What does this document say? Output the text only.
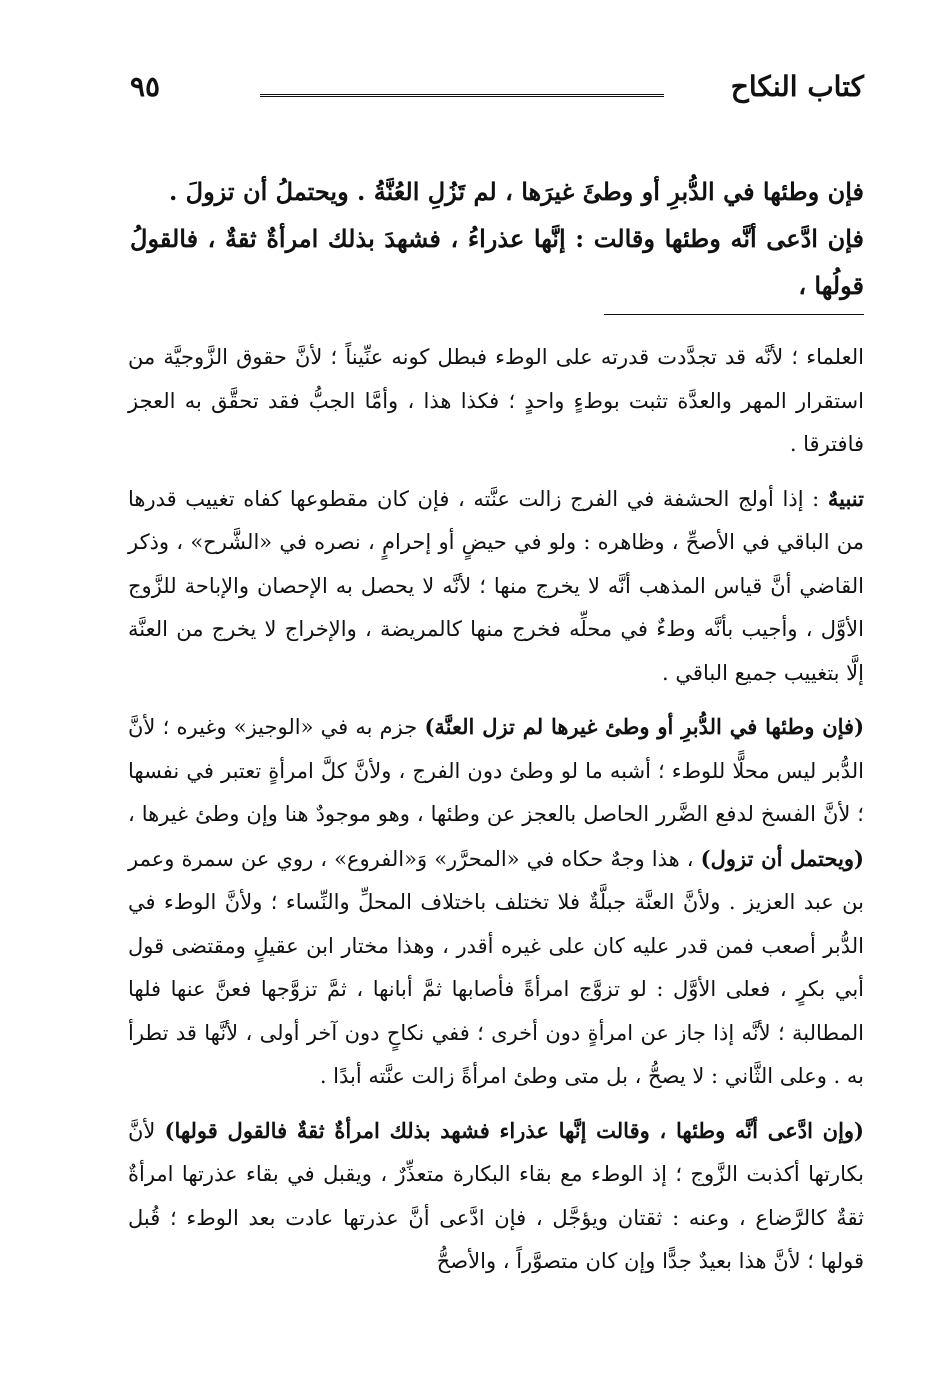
كتاب النكاح
٩٥
فإن وطئها في الدُّبرِ أو وطئَ غيرَها ، لم تَزُلِ العُنَّةُ . ويحتملُ أن تزولَ .
فإن ادَّعى أنَّه وطئها وقالت : إنَّها عذراءُ ، فشهدَ بذلك امرأةٌ ثقةٌ ، فالقولُ قولُها ،

العلماء ؛ لأنَّه قد تجدَّدت قدرته على الوطء فبطل كونه عنِّيناً ؛ لأنَّ حقوق الزَّوجيَّة من استقرار المهر والعدَّة تثبت بوطءٍ واحدٍ ؛ فكذا هذا ، وأمَّا الجبُّ فقد تحقَّق به العجز فافترقا .

تنبيهٌ : إذا أولج الحشفة في الفرج زالت عنَّته ، فإن كان مقطوعها كفاه تغييب قدرها من الباقي في الأصحِّ ، وظاهره : ولو في حيضٍ أو إحرامٍ ، نصره في «الشَّرح» ، وذكر القاضي أنَّ قياس المذهب أنَّه لا يخرج منها ؛ لأنَّه لا يحصل به الإحصان والإباحة للزَّوج الأوَّل ، وأجيب بأنَّه وطءٌ في محلِّه فخرج منها كالمريضة ، والإخراج لا يخرج من العنَّة إلَّا بتغييب جميع الباقي .

(فإن وطئها في الدُّبرِ أو وطئ غيرها لم تزل العنَّة) جزم به في «الوجيز» وغيره ؛ لأنَّ الدُّبر ليس محلًّا للوطء ؛ أشبه ما لو وطئ دون الفرج ، ولأنَّ كلَّ امرأةٍ تعتبر في نفسها ؛ لأنَّ الفسخ لدفع الضَّرر الحاصل بالعجز عن وطئها ، وهو موجودٌ هنا وإن وطئ غيرها ، (ويحتمل أن تزول) ، هذا وجهٌ حكاه في «المحرَّر» وَ«الفروع» ، روي عن سمرة وعمر بن عبد العزيز . ولأنَّ العنَّة جبلَّةٌ فلا تختلف باختلاف المحلِّ والنِّساء ؛ ولأنَّ الوطء في الدُّبر أصعب فمن قدر عليه كان على غيره أقدر ، وهذا مختار ابن عقيلٍ ومقتضى قول أبي بكرٍ ، فعلى الأوَّل : لو تزوَّج امرأةً فأصابها ثمَّ أبانها ، ثمَّ تزوَّجها فعنَّ عنها فلها المطالبة ؛ لأنَّه إذا جاز عن امرأةٍ دون أخرى ؛ ففي نكاحٍ دون آخر أولى ، لأنَّها قد تطرأ به . وعلى الثَّاني : لا يصحُّ ، بل متى وطئ امرأةً زالت عنَّته أبدًا .

(وإن ادَّعى أنَّه وطئها ، وقالت إنَّها عذراء فشهد بذلك امرأةٌ ثقةٌ فالقول قولها) لأنَّ بكارتها أكذبت الزَّوج ؛ إذ الوطء مع بقاء البكارة متعذِّرٌ ، ويقبل في بقاء عذرتها امرأةٌ ثقةٌ كالرَّضاع ، وعنه : ثقتان ويؤجَّل ، فإن ادَّعى أنَّ عذرتها عادت بعد الوطء ؛ قُبل قولها ؛ لأنَّ هذا بعيدٌ جدًّا وإن كان متصوَّراً ، والأصحُّ
